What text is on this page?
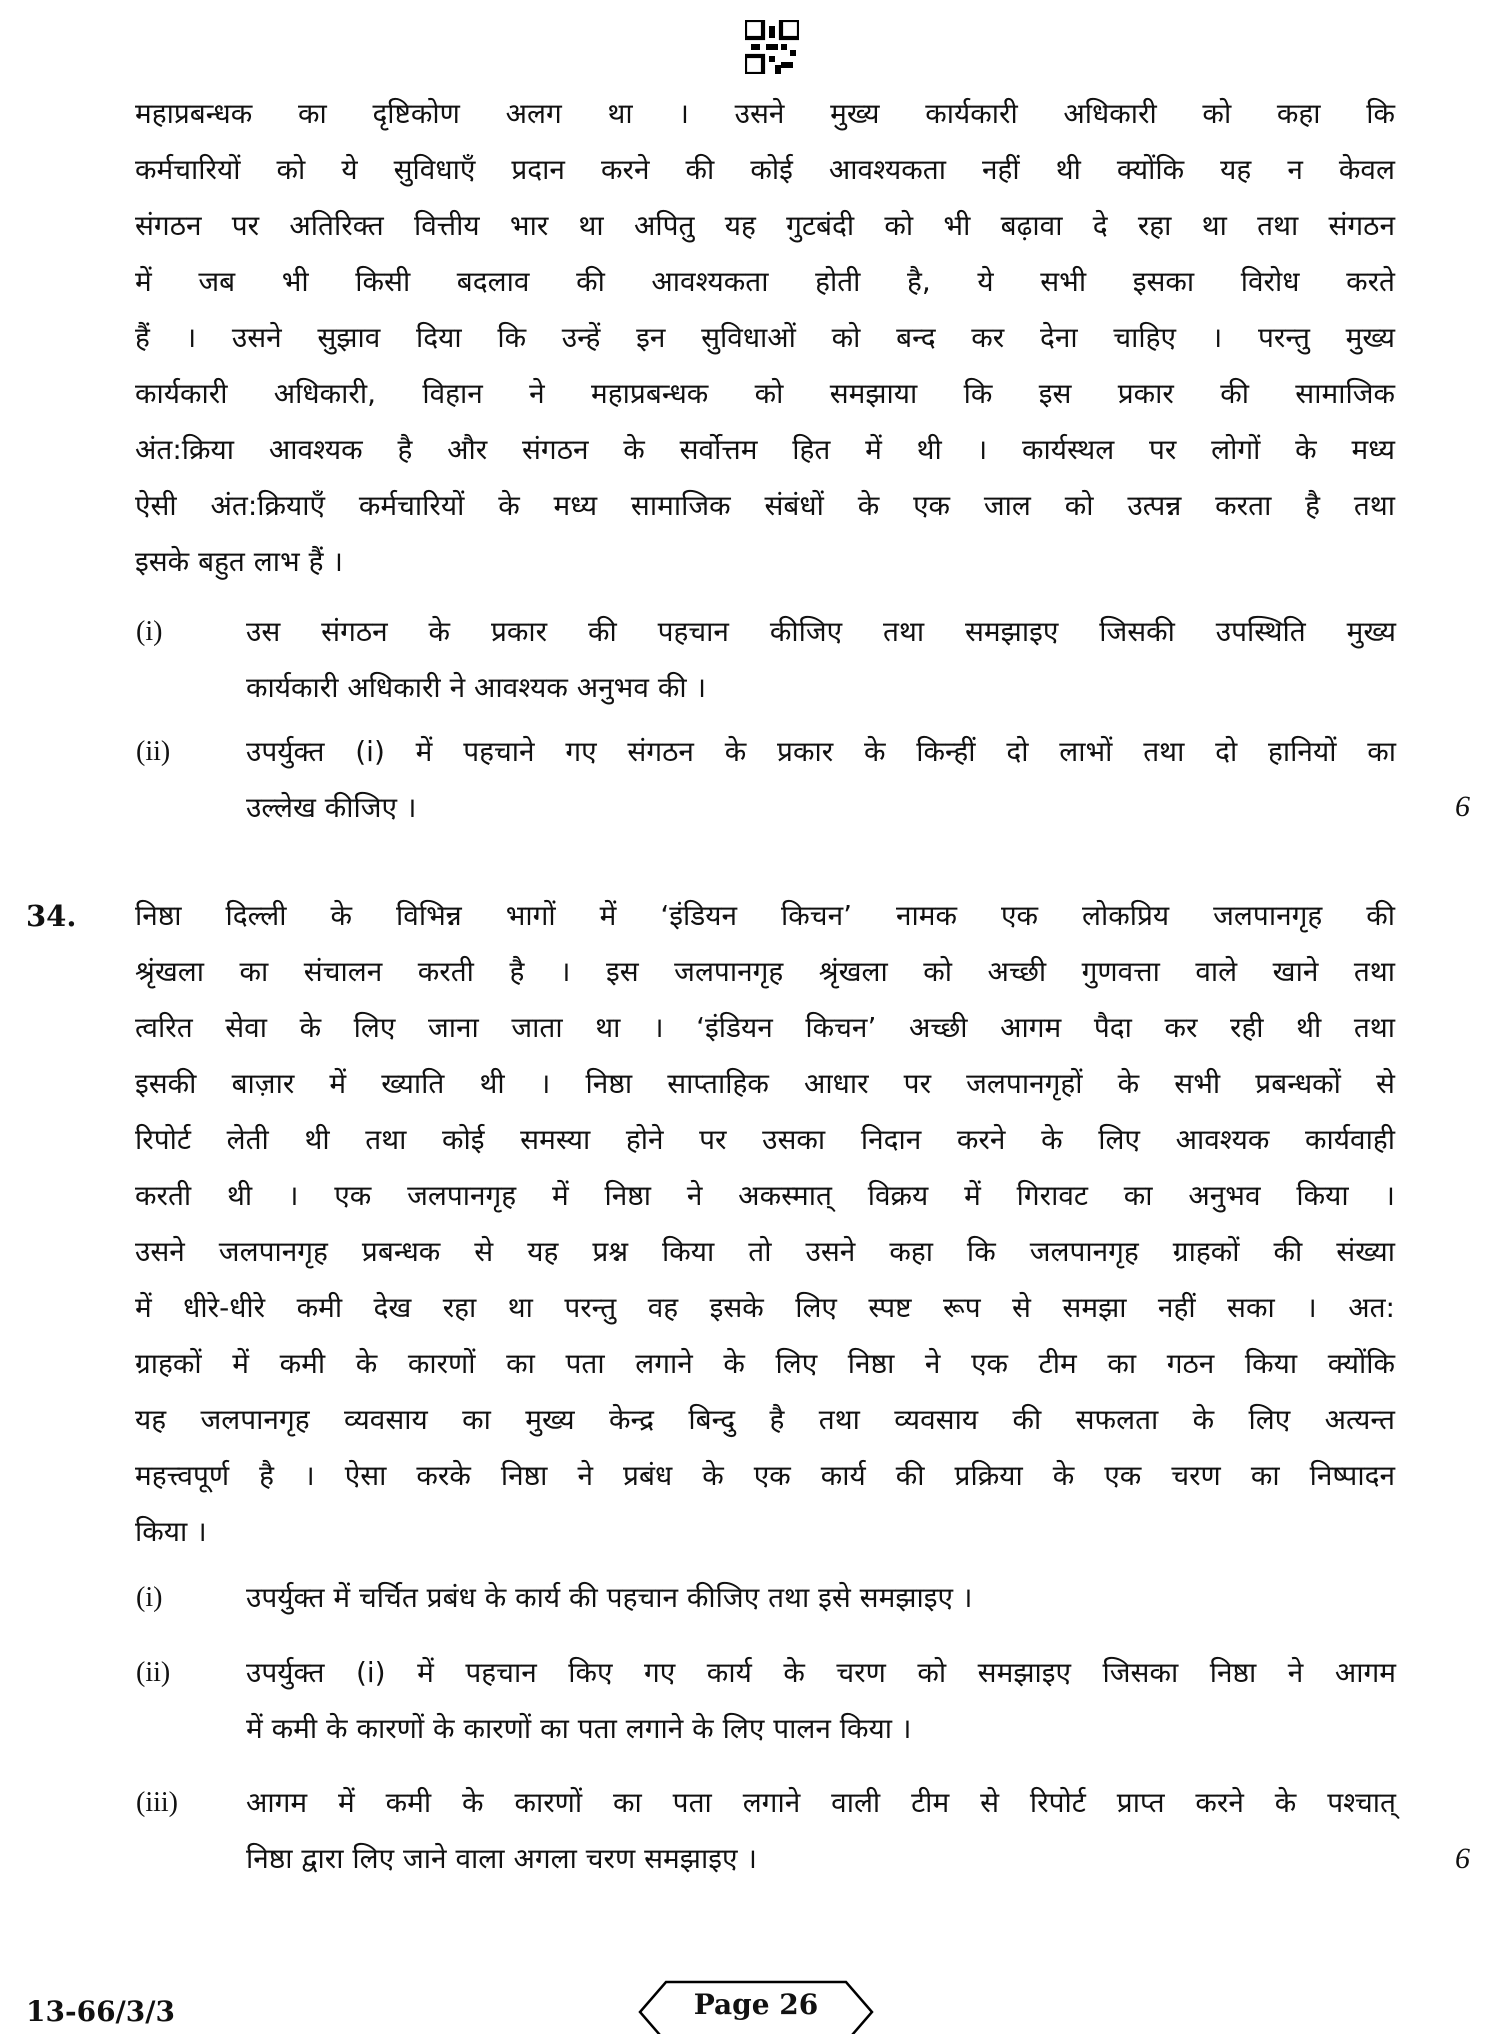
महाप्रबन्धक का दृष्टिकोण अलग था । उसने मुख्य कार्यकारी अधिकारी को कहा कि
कर्मचारियों को ये सुविधाएँ प्रदान करने की कोई आवश्यकता नहीं थी क्योंकि यह न केवल
संगठन पर अतिरिक्त वित्तीय भार था अपितु यह गुटबंदी को भी बढ़ावा दे रहा था तथा संगठन
में जब भी किसी बदलाव की आवश्यकता होती है, ये सभी इसका विरोध करते
हैं । उसने सुझाव दिया कि उन्हें इन सुविधाओं को बन्द कर देना चाहिए । परन्तु मुख्य
कार्यकारी अधिकारी, विहान ने महाप्रबन्धक को समझाया कि इस प्रकार की सामाजिक
अंत:क्रिया आवश्यक है और संगठन के सर्वोत्तम हित में थी । कार्यस्थल पर लोगों के मध्य
ऐसी अंत:क्रियाएँ कर्मचारियों के मध्य सामाजिक संबंधों के एक जाल को उत्पन्न करता है तथा
इसके बहुत लाभ हैं ।
(i)	उस संगठन के प्रकार की पहचान कीजिए तथा समझाइए जिसकी उपस्थिति मुख्य
कार्यकारी अधिकारी ने आवश्यक अनुभव की ।
(ii)	उपर्युक्त (i) में पहचाने गए संगठन के प्रकार के किन्हीं दो लाभों तथा दो हानियों का
उल्लेख कीजिए ।	6
34. निष्ठा दिल्ली के विभिन्न भागों में ‘इंडियन किचन’ नामक एक लोकप्रिय जलपानगृह की
श्रृंखला का संचालन करती है । इस जलपानगृह श्रृंखला को अच्छी गुणवत्ता वाले खाने तथा
त्वरित सेवा के लिए जाना जाता था । ‘इंडियन किचन’ अच्छी आगम पैदा कर रही थी तथा
इसकी बाज़ार में ख्याति थी । निष्ठा साप्ताहिक आधार पर जलपानगृहों के सभी प्रबन्धकों से
रिपोर्ट लेती थी तथा कोई समस्या होने पर उसका निदान करने के लिए आवश्यक कार्यवाही
करती थी । एक जलपानगृह में निष्ठा ने अकस्मात् विक्रय में गिरावट का अनुभव किया ।
उसने जलपानगृह प्रबन्धक से यह प्रश्न किया तो उसने कहा कि जलपानगृह ग्राहकों की संख्या
में धीरे-धीरे कमी देख रहा था परन्तु वह इसके लिए स्पष्ट रूप से समझा नहीं सका । अत:
ग्राहकों में कमी के कारणों का पता लगाने के लिए निष्ठा ने एक टीम का गठन किया क्योंकि
यह जलपानगृह व्यवसाय का मुख्य केन्द्र बिन्दु है तथा व्यवसाय की सफलता के लिए अत्यन्त
महत्त्वपूर्ण है । ऐसा करके निष्ठा ने प्रबंध के एक कार्य की प्रक्रिया के एक चरण का निष्पादन
किया ।
(i)	उपर्युक्त में चर्चित प्रबंध के कार्य की पहचान कीजिए तथा इसे समझाइए ।
(ii)	उपर्युक्त (i) में पहचान किए गए कार्य के चरण को समझाइए जिसका निष्ठा ने आगम
में कमी के कारणों के कारणों का पता लगाने के लिए पालन किया ।
(iii) आगम में कमी के कारणों का पता लगाने वाली टीम से रिपोर्ट प्राप्त करने के पश्चात्
निष्ठा द्वारा लिए जाने वाला अगला चरण समझाइए ।	6
13-66/3/3	Page 26
